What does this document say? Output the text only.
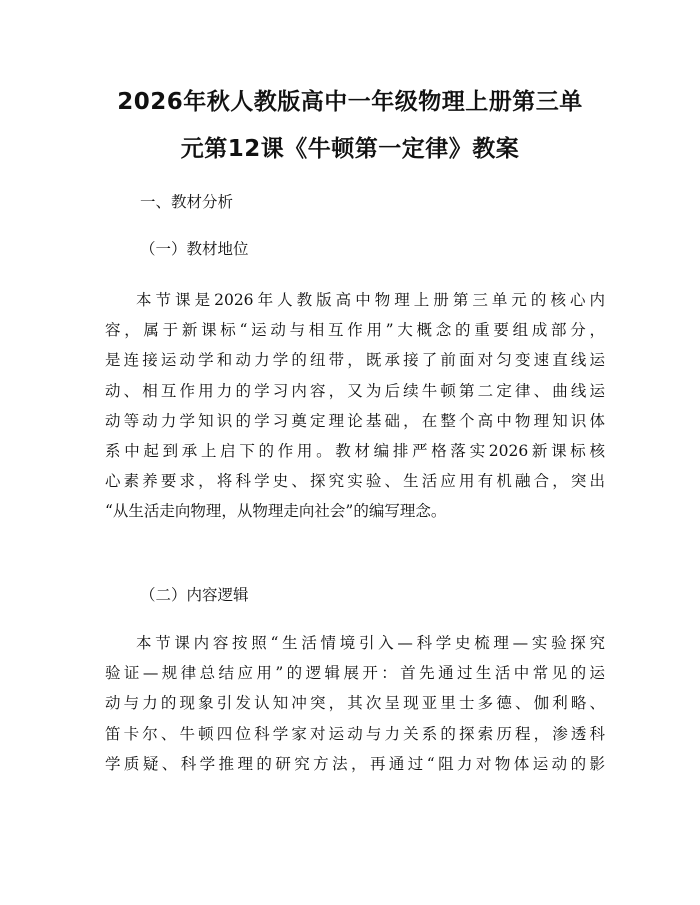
2026年秋人教版高中一年级物理上册第三单
元第12课《牛顿第一定律》教案
一、教材分析
（一）教材地位
本节课是2026年人教版高中物理上册第三单元的核心内
容，属于新课标“运动与相互作用”大概念的重要组成部分，
是连接运动学和动力学的纽带，既承接了前面对匀变速直线运
动、相互作用力的学习内容，又为后续牛顿第二定律、曲线运
动等动力学知识的学习奠定理论基础，在整个高中物理知识体
系中起到承上启下的作用。教材编排严格落实2026新课标核
心素养要求，将科学史、探究实验、生活应用有机融合，突出
“从生活走向物理，从物理走向社会”的编写理念。
（二）内容逻辑
本节课内容按照“生活情境引入—科学史梳理—实验探究
验证—规律总结应用”的逻辑展开：首先通过生活中常见的运
动与力的现象引发认知冲突，其次呈现亚里士多德、伽利略、
笛卡尔、牛顿四位科学家对运动与力关系的探索历程，渗透科
学质疑、科学推理的研究方法，再通过“阻力对物体运动的影
